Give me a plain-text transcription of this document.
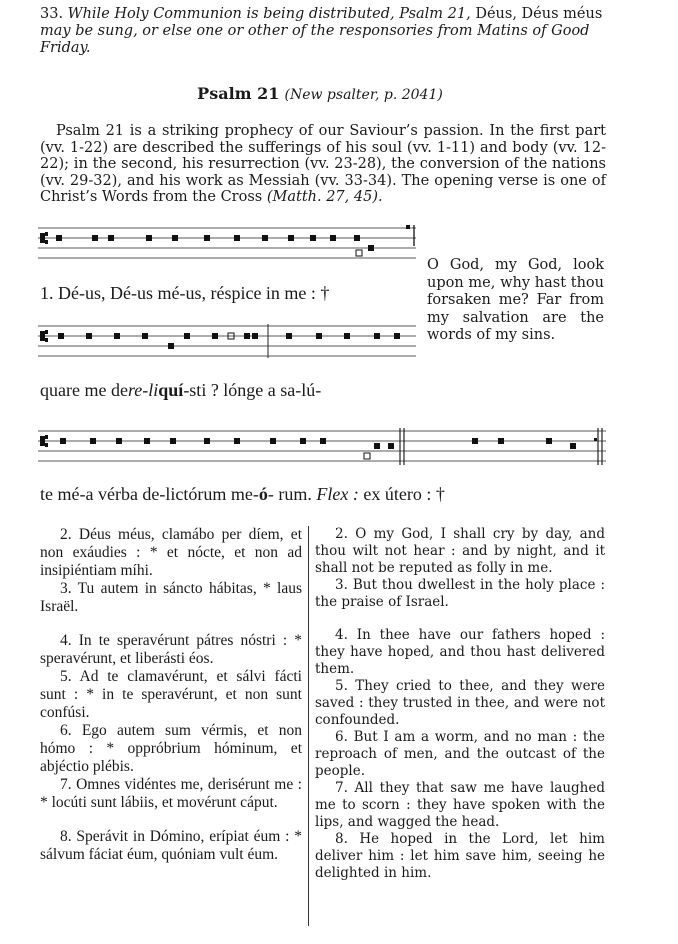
33. While Holy Communion is being distributed, Psalm 21, Déus, Déus méus may be sung, or else one or other of the responsories from Matins of Good Friday.
Psalm 21 (New psalter, p. 2041)

Psalm 21 is a striking prophecy of our Saviour’s passion. In the first part (vv. 1-22) are described the sufferings of his soul (vv. 1-11) and body (vv. 12-22); in the second, his resurrection (vv. 23-28), the conversion of the nations (vv. 29-32), and his work as Messiah (vv. 33-34). The opening verse is one of Christ’s Words from the Cross (Matth. 27, 45).

1. Dé-us, Dé-us mé-us, réspice in me : †
O God, my God, look upon me, why hast thou forsaken me? Far from my salvation are the words of my sins.
quare me dere-liquí-sti ? lónge a sa-lú-
te mé-a vérba de-lictórum me-ó- rum. Flex : ex útero : †

2. Déus méus, clamábo per díem, et non exáudies : * et nócte, et non ad insipiéntiam míhi.

3. Tu autem in sáncto hábitas, * laus Israël.

4. In te speravérunt pátres nóstri : * speravérunt, et liberásti éos.

5. Ad te clamavérunt, et sálvi fácti sunt : * in te speravérunt, et non sunt confúsi.

6. Ego autem sum vérmis, et non hómo : * oppróbrium hóminum, et abjéctio plébis.

7. Omnes vidéntes me, derisérunt me : * locúti sunt lábiis, et movérunt cáput.

8. Sperávit in Dómino, erípiat éum : * sálvum fáciat éum, quóniam vult éum.

2. O my God, I shall cry by day, and thou wilt not hear : and by night, and it shall not be reputed as folly in me.

3. But thou dwellest in the holy place : the praise of Israel.

4. In thee have our fathers hoped : they have hoped, and thou hast delivered them.

5. They cried to thee, and they were saved : they trusted in thee, and were not confounded.

6. But I am a worm, and no man : the reproach of men, and the outcast of the people.

7. All they that saw me have laughed me to scorn : they have spoken with the lips, and wagged the head.

8. He hoped in the Lord, let him deliver him : let him save him, seeing he delighted in him.
